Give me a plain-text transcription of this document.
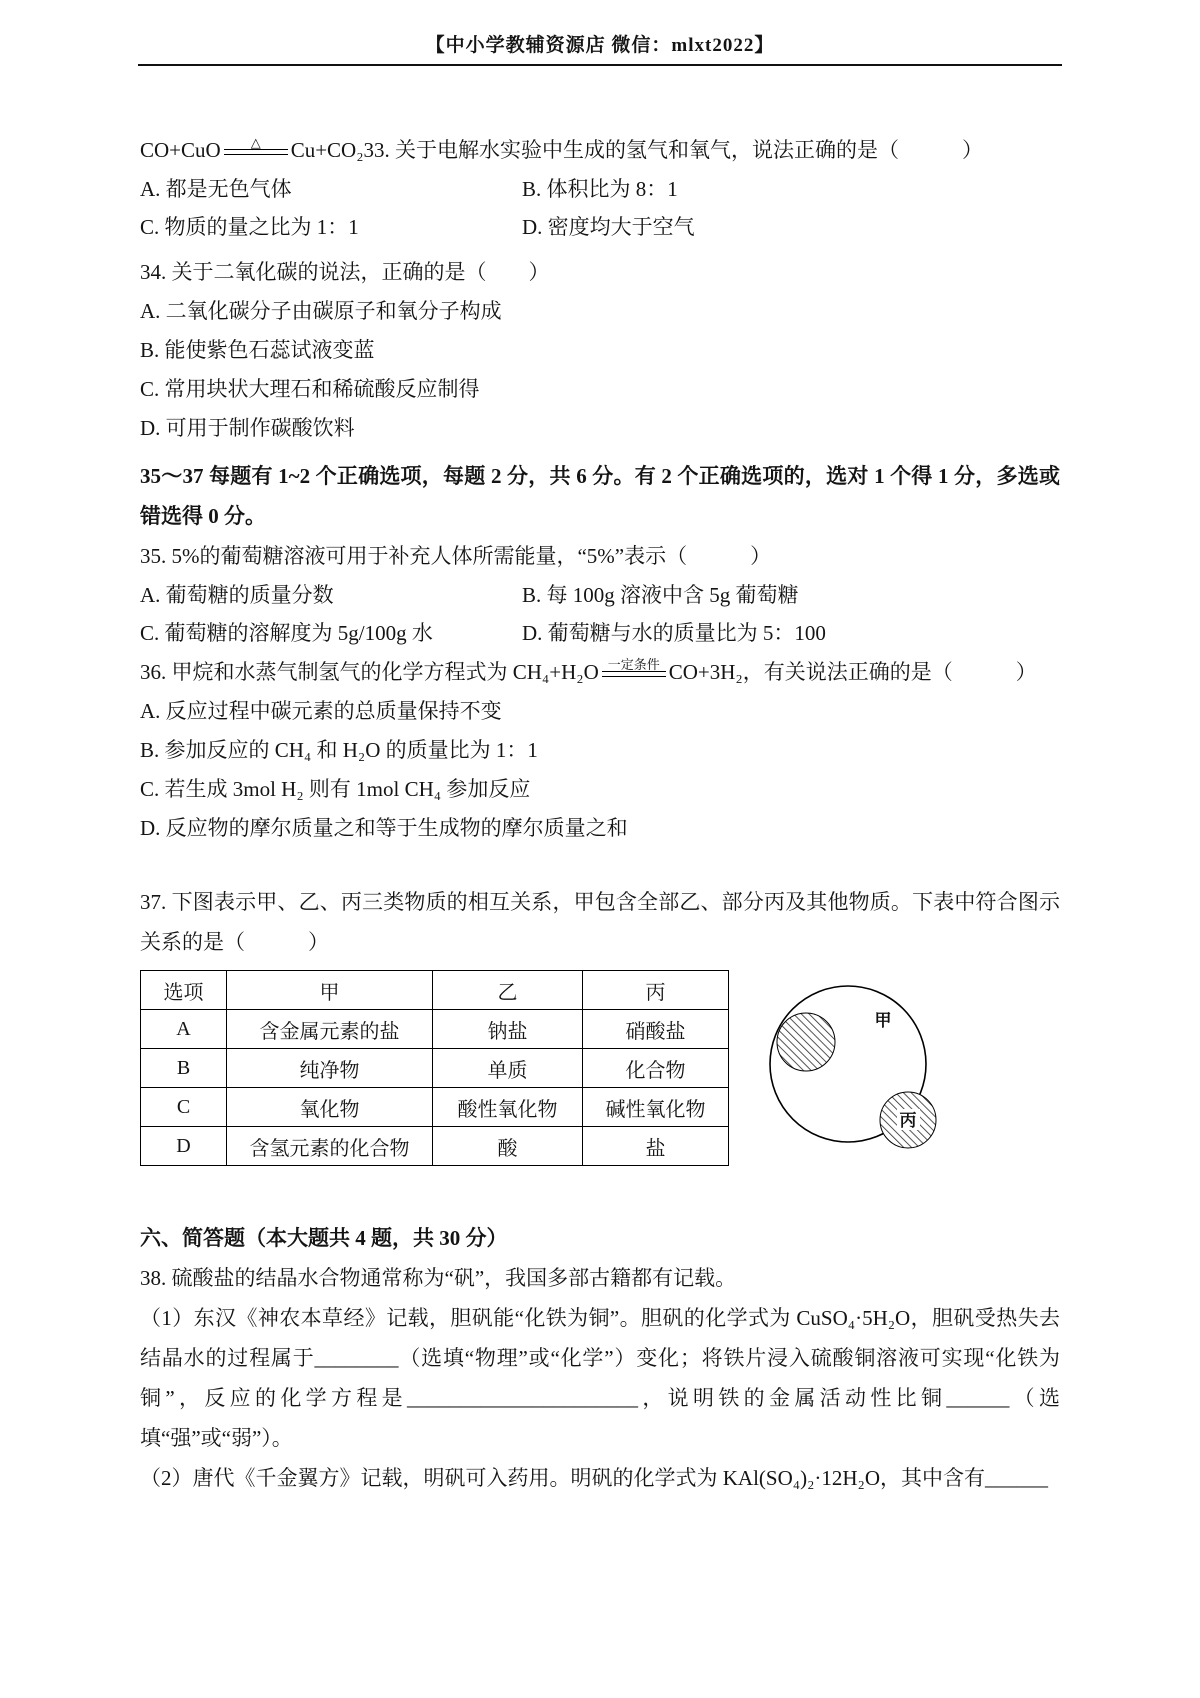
【中小学教辅资源店 微信：mlxt2022】

CO+CuO △ Cu+CO₂33. 关于电解水实验中生成的氢气和氧气，说法正确的是（　　　）

A. 都是无色气体	B. 体积比为 8：1
C. 物质的量之比为 1：1	D. 密度均大于空气

34. 关于二氧化碳的说法，正确的是（　　）

A. 二氧化碳分子由碳原子和氧分子构成
B. 能使紫色石蕊试液变蓝
C. 常用块状大理石和稀硫酸反应制得
D. 可用于制作碳酸饮料

35～37 每题有 1~2 个正确选项，每题 2 分，共 6 分。有 2 个正确选项的，选对 1 个得 1 分，多选或错选得 0 分。

35. 5%的葡萄糖溶液可用于补充人体所需能量，“5%”表示（　　　）

A. 葡萄糖的质量分数	B. 每 100g 溶液中含 5g 葡萄糖
C. 葡萄糖的溶解度为 5g/100g 水	D. 葡萄糖与水的质量比为 5：100

36. 甲烷和水蒸气制氢气的化学方程式为 CH₄+H₂O 一定条件 CO+3H₂，有关说法正确的是（　　　）

A. 反应过程中碳元素的总质量保持不变
B. 参加反应的 CH₄ 和 H₂O 的质量比为 1：1
C. 若生成 3mol H₂ 则有 1mol CH₄ 参加反应
D. 反应物的摩尔质量之和等于生成物的摩尔质量之和

37. 下图表示甲、乙、丙三类物质的相互关系，甲包含全部乙、部分丙及其他物质。下表中符合图示关系的是（　　　）

选项	甲	乙	丙
A	含金属元素的盐	钠盐	硝酸盐
B	纯净物	单质	化合物
C	氧化物	酸性氧化物	碱性氧化物
D	含氢元素的化合物	酸	盐
丙
甲

六、简答题（本大题共 4 题，共 30 分）

38. 硫酸盐的结晶水合物通常称为“矾”，我国多部古籍都有记载。

（1）东汉《神农本草经》记载，胆矾能“化铁为铜”。胆矾的化学式为 CuSO₄·5H₂O，胆矾受热失去结晶水的过程属于________（选填“物理”或“化学”）变化；将铁片浸入硫酸铜溶液可实现“化铁为铜”，反应的化学方程是______________________，说明铁的金属活动性比铜______（选填“强”或“弱”）。

（2）唐代《千金翼方》记载，明矾可入药用。明矾的化学式为 KAl(SO₄)₂·12H₂O，其中含有______
